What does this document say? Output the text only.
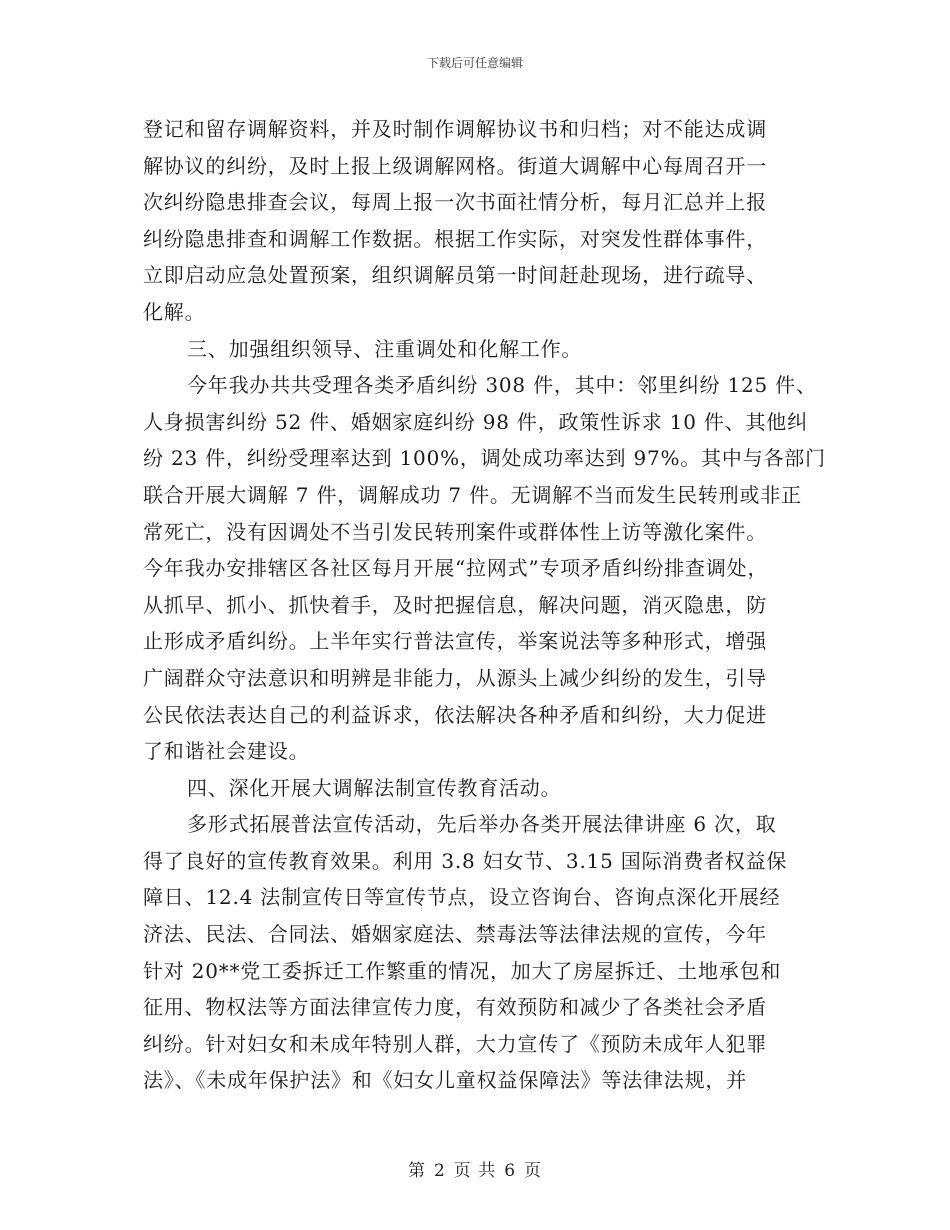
下载后可任意编辑
登记和留存调解资料，并及时制作调解协议书和归档；对不能达成调
解协议的纠纷，及时上报上级调解网格。街道大调解中心每周召开一
次纠纷隐患排查会议，每周上报一次书面社情分析，每月汇总并上报
纠纷隐患排查和调解工作数据。根据工作实际，对突发性群体事件，
立即启动应急处置预案，组织调解员第一时间赶赴现场，进行疏导、
化解。
三、加强组织领导、注重调处和化解工作。
今年我办共共受理各类矛盾纠纷 308 件，其中：邻里纠纷 125 件、
人身损害纠纷 52 件、婚姻家庭纠纷 98 件，政策性诉求 10 件、其他纠
纷 23 件，纠纷受理率达到 100%，调处成功率达到 97%。其中与各部门
联合开展大调解 7 件，调解成功 7 件。无调解不当而发生民转刑或非正
常死亡，没有因调处不当引发民转刑案件或群体性上访等激化案件。
今年我办安排辖区各社区每月开展“拉网式”专项矛盾纠纷排查调处，
从抓早、抓小、抓快着手，及时把握信息，解决问题，消灭隐患，防
止形成矛盾纠纷。上半年实行普法宣传，举案说法等多种形式，增强
广阔群众守法意识和明辨是非能力，从源头上减少纠纷的发生，引导
公民依法表达自己的利益诉求，依法解决各种矛盾和纠纷，大力促进
了和谐社会建设。
四、深化开展大调解法制宣传教育活动。
多形式拓展普法宣传活动，先后举办各类开展法律讲座 6 次，取
得了良好的宣传教育效果。利用 3.8 妇女节、3.15 国际消费者权益保
障日、12.4 法制宣传日等宣传节点，设立咨询台、咨询点深化开展经
济法、民法、合同法、婚姻家庭法、禁毒法等法律法规的宣传，今年
针对 20**党工委拆迁工作繁重的情况，加大了房屋拆迁、土地承包和
征用、物权法等方面法律宣传力度，有效预防和减少了各类社会矛盾
纠纷。针对妇女和未成年特别人群，大力宣传了《预防未成年人犯罪
法》、《未成年保护法》和《妇女儿童权益保障法》等法律法规，并
第 2 页 共 6 页
